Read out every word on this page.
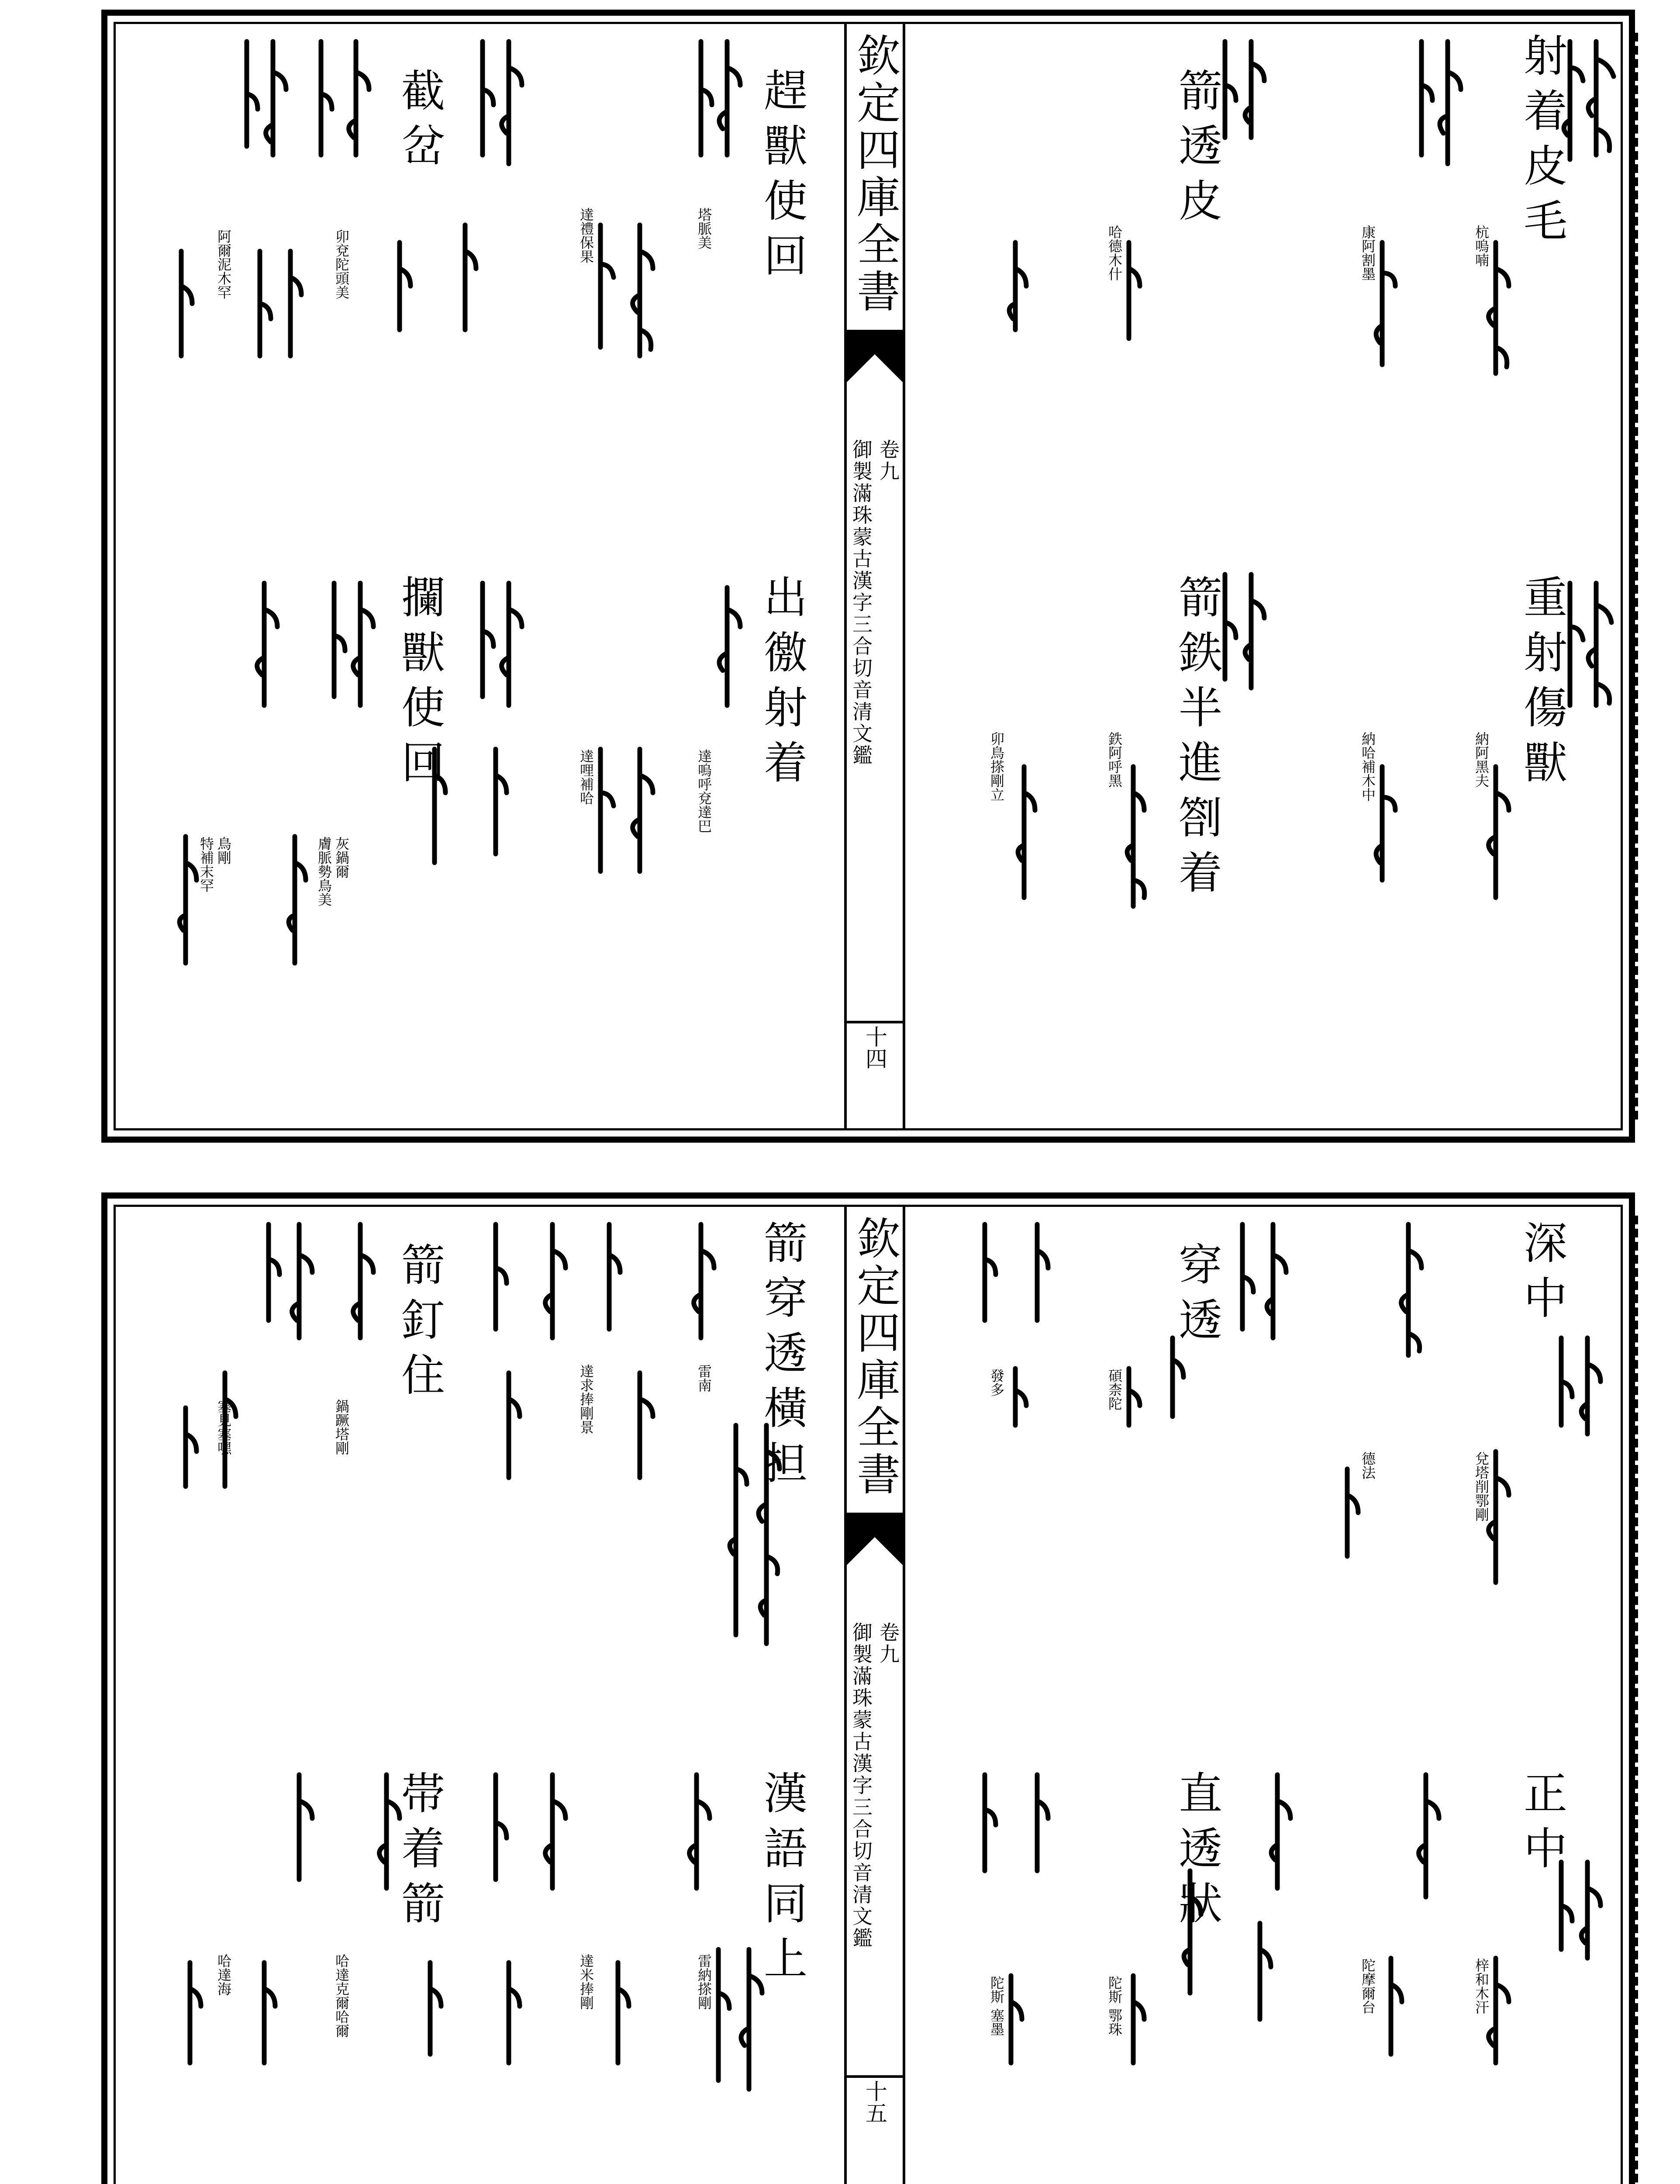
欽定四庫全書
卷九
御製滿珠蒙古漢字三合切音清文鑑
十四
射着皮毛
杭嗚喃
康阿割墨
箭透皮
哈德木什
重射傷獸
納阿黑夫
納哈補木中
箭鉄半進劄着
鉄阿呼黑
卯鳥搽剛立
趕獸使回
塔脈美
達禮保果
截岔
卯兗陀頭美
阿爾泥木罕
出徼射着
達嗚呼兗達巴
達哩補哈
攔獸使回
灰鍋爾
膚脈勢鳥美
鳥剛
特補末罕
欽定四庫全書
卷九
御製滿珠蒙古漢字三合切音清文鑑
十五
深中
兌塔削鄂剛
德法
穿透
碩柰陀
發多
正中
梓和木汗
陀摩爾台
直透狀
陀斯 鄂珠
陀斯 塞墨
箭穿透橫担
雷南
達求捧剛景
箭釘住
鍋蹶塔剛
塞見塞嘿
漢語同上
雷納搽剛
達米捧剛
帯着箭
哈達克爾哈爾
哈達海
